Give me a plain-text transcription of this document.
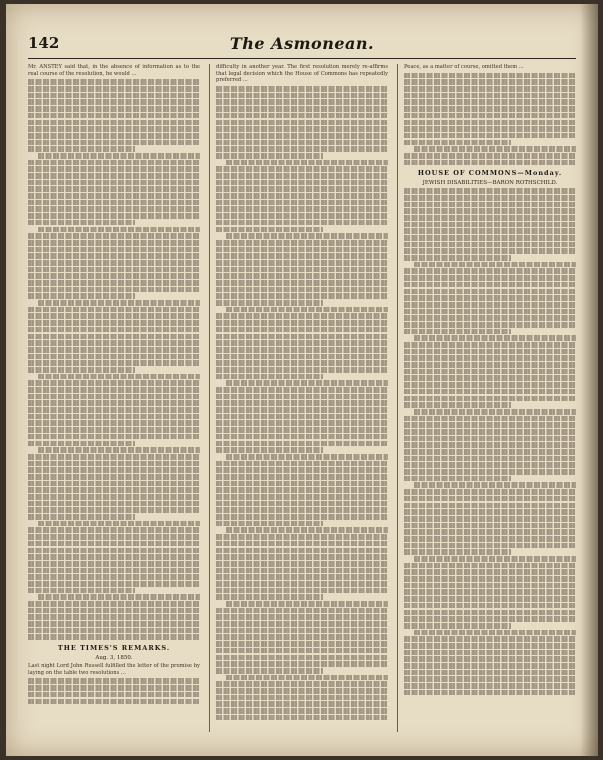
142	The Asmonean.

Mr. ANSTEY said that, in the absence of information as to the real course of the resolution, he would ...

THE TIMES'S REMARKS.
Aug. 3, 1850.

Last night Lord John Russell fulfilled the letter of the promise by laying on the table two resolutions ...

difficulty in another year. The first resolution merely re-affirms that legal decision which the House of Commons has repeatedly preferred ...

Peace, as a matter of course, omitted them ...

HOUSE OF COMMONS—Monday.
JEWISH DISABILITIES—BARON ROTHSCHILD.
